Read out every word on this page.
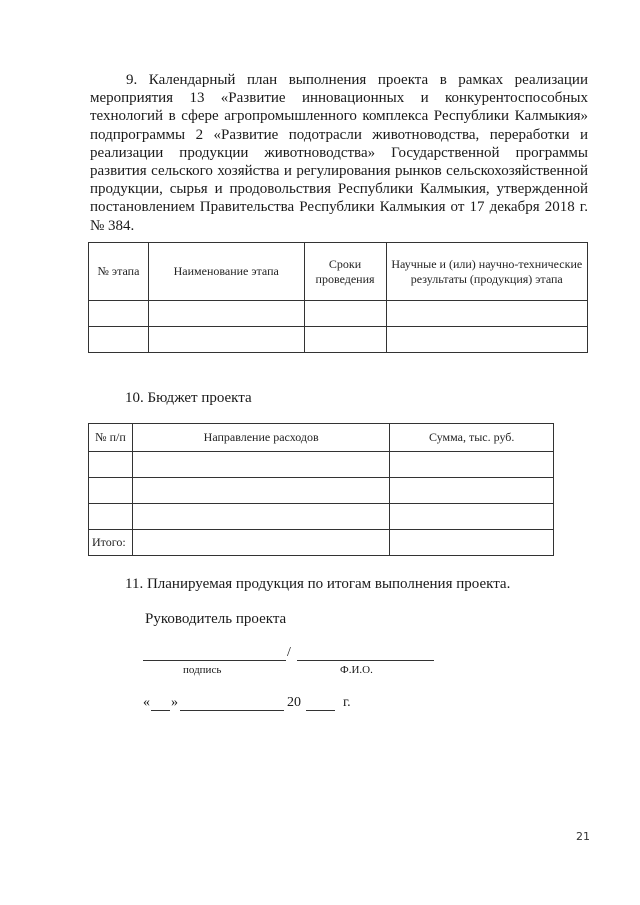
9. Календарный план выполнения проекта в рамках реализации мероприятия 13 «Развитие инновационных и конкурентоспособных технологий в сфере агропромышленного комплекса Республики Калмыкия» подпрограммы 2 «Развитие подотрасли животноводства, переработки и реализации продукции животноводства» Государственной программы развития сельского хозяйства и регулирования рынков сельскохозяйственной продукции, сырья и продовольствия Республики Калмыкия, утвержденной постановлением Правительства Республики Калмыкия от 17 декабря 2018 г. № 384.

№ этапа	Наименование этапа	Сроки проведения	Научные и (или) научно-технические результаты (продукция) этапа

10. Бюджет проекта

№ п/п	Направление расходов	Сумма, тыс. руб.

Итого:		

11. Планируемая продукция по итогам выполнения проекта.

Руководитель проекта

/
подпись	Ф.И.О.
« »	20	г.
21
